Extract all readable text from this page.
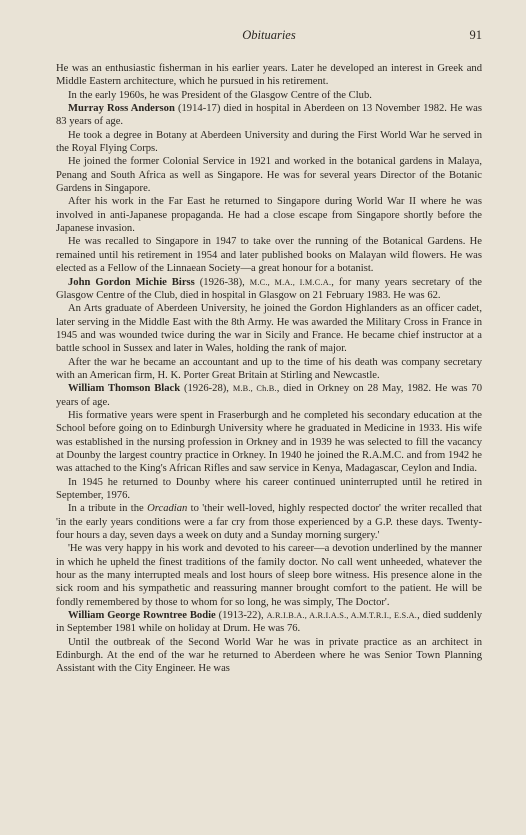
Obituaries	91

He was an enthusiastic fisherman in his earlier years. Later he developed an interest in Greek and Middle Eastern architecture, which he pursued in his retirement.

In the early 1960s, he was President of the Glasgow Centre of the Club.

Murray Ross Anderson (1914-17) died in hospital in Aberdeen on 13 November 1982. He was 83 years of age.

He took a degree in Botany at Aberdeen University and during the First World War he served in the Royal Flying Corps.

He joined the former Colonial Service in 1921 and worked in the botanical gardens in Malaya, Penang and South Africa as well as Singapore. He was for several years Director of the Botanic Gardens in Singapore.

After his work in the Far East he returned to Singapore during World War II where he was involved in anti-Japanese propaganda. He had a close escape from Singapore shortly before the Japanese invasion.

He was recalled to Singapore in 1947 to take over the running of the Botanical Gardens. He remained until his retirement in 1954 and later published books on Malayan wild flowers. He was elected as a Fellow of the Linnaean Society—a great honour for a botanist.

John Gordon Michie Birss (1926-38), M.C., M.A., I.M.C.A., for many years secretary of the Glasgow Centre of the Club, died in hospital in Glasgow on 21 February 1983. He was 62.

An Arts graduate of Aberdeen University, he joined the Gordon Highlanders as an officer cadet, later serving in the Middle East with the 8th Army. He was awarded the Military Cross in France in 1945 and was wounded twice during the war in Sicily and France. He became chief instructor at a battle school in Sussex and later in Wales, holding the rank of major.

After the war he became an accountant and up to the time of his death was company secretary with an American firm, H. K. Porter Great Britain at Stirling and Newcastle.

William Thomson Black (1926-28), M.B., Ch.B., died in Orkney on 28 May, 1982. He was 70 years of age.

His formative years were spent in Fraserburgh and he completed his secondary education at the School before going on to Edinburgh University where he graduated in Medicine in 1933. His wife was established in the nursing profession in Orkney and in 1939 he was selected to fill the vacancy at Dounby the largest country practice in Orkney. In 1940 he joined the R.A.M.C. and from 1942 he was attached to the King's African Rifles and saw service in Kenya, Madagascar, Ceylon and India.

In 1945 he returned to Dounby where his career continued uninterrupted until he retired in September, 1976.

In a tribute in the Orcadian to 'their well-loved, highly respected doctor' the writer recalled that 'in the early years conditions were a far cry from those experienced by a G.P. these days. Twenty-four hours a day, seven days a week on duty and a Sunday morning surgery.'

'He was very happy in his work and devoted to his career—a devotion underlined by the manner in which he upheld the finest traditions of the family doctor. No call went unheeded, whatever the hour as the many interrupted meals and lost hours of sleep bore witness. His presence alone in the sick room and his sympathetic and reassuring manner brought comfort to the patient. He will be fondly remembered by those to whom for so long, he was simply, The Doctor'.

William George Rowntree Bodie (1913-22), A.R.I.B.A., A.R.I.A.S., A.M.T.R.I., E.S.A., died suddenly in September 1981 while on holiday at Drum. He was 76.

Until the outbreak of the Second World War he was in private practice as an architect in Edinburgh. At the end of the war he returned to Aberdeen where he was Senior Town Planning Assistant with the City Engineer. He was
